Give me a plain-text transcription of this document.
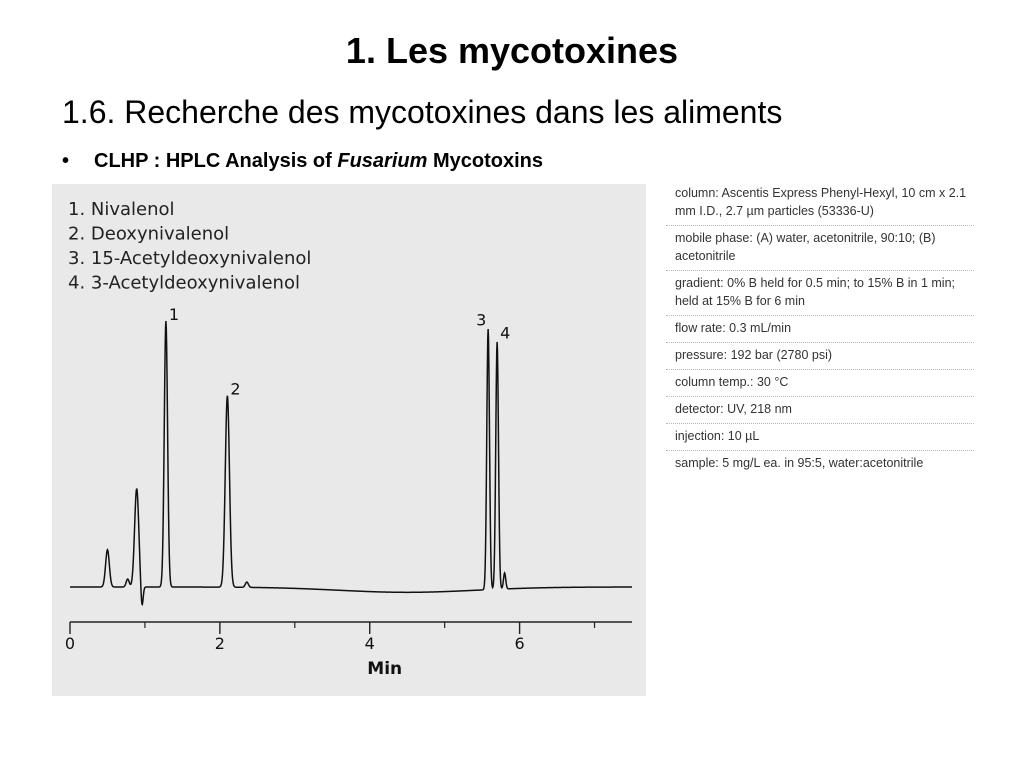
1. Les mycotoxines
1.6. Recherche des mycotoxines dans les aliments
• CLHP : HPLC Analysis of Fusarium Mycotoxins
1. Nivalenol
2. Deoxynivalenol
3. 15-Acetyldeoxynivalenol
4. 3-Acetyldeoxynivalenol
1
2
3
4
0	2	4	6
Min
column: Ascentis Express Phenyl-Hexyl, 10 cm x 2.1 mm I.D., 2.7 µm particles (53336-U)
mobile phase: (A) water, acetonitrile, 90:10; (B) acetonitrile
gradient: 0% B held for 0.5 min; to 15% B in 1 min; held at 15% B for 6 min
flow rate: 0.3 mL/min
pressure: 192 bar (2780 psi)
column temp.: 30 °C
detector: UV, 218 nm
injection: 10 µL
sample: 5 mg/L ea. in 95:5, water:acetonitrile
